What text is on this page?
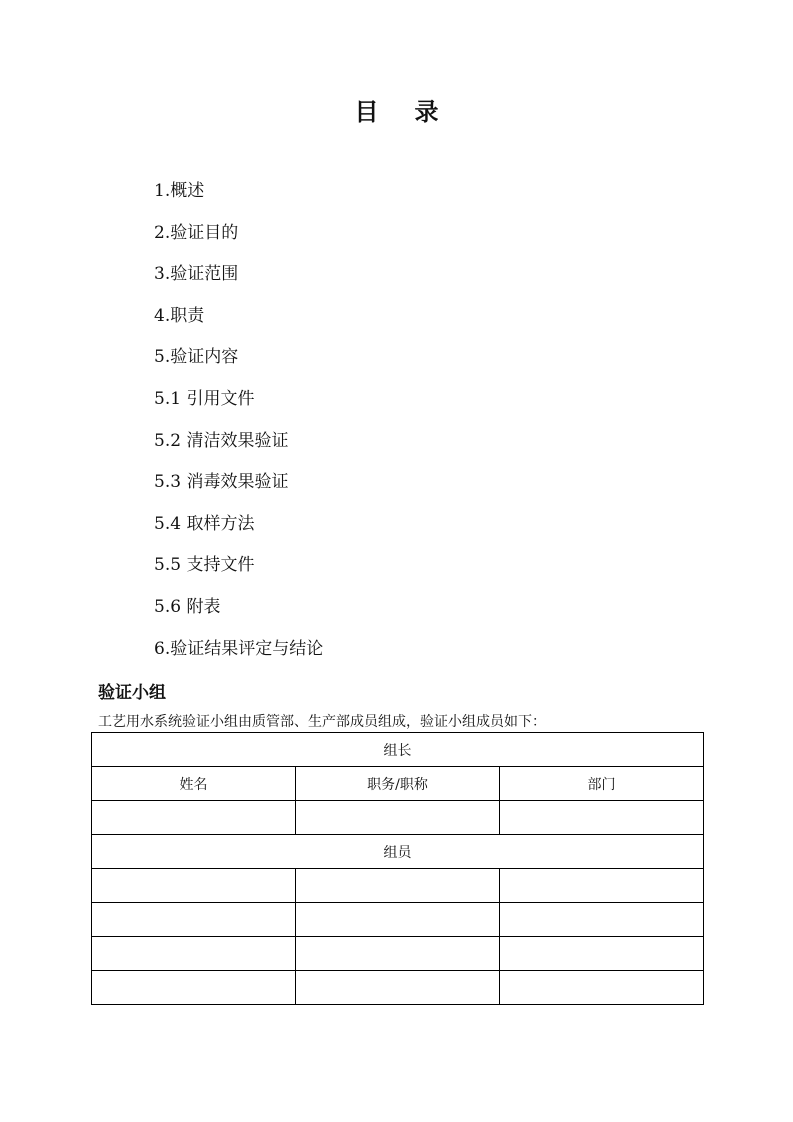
目 录
1.概述
2.验证目的
3.验证范围
4.职责
5.验证内容
5.1 引用文件
5.2 清洁效果验证
5.3 消毒效果验证
5.4 取样方法
5.5 支持文件
5.6 附表
6.验证结果评定与结论
验证小组
工艺用水系统验证小组由质管部、生产部成员组成，验证小组成员如下：
组长		
姓名	职务/职称	部门

组员		
